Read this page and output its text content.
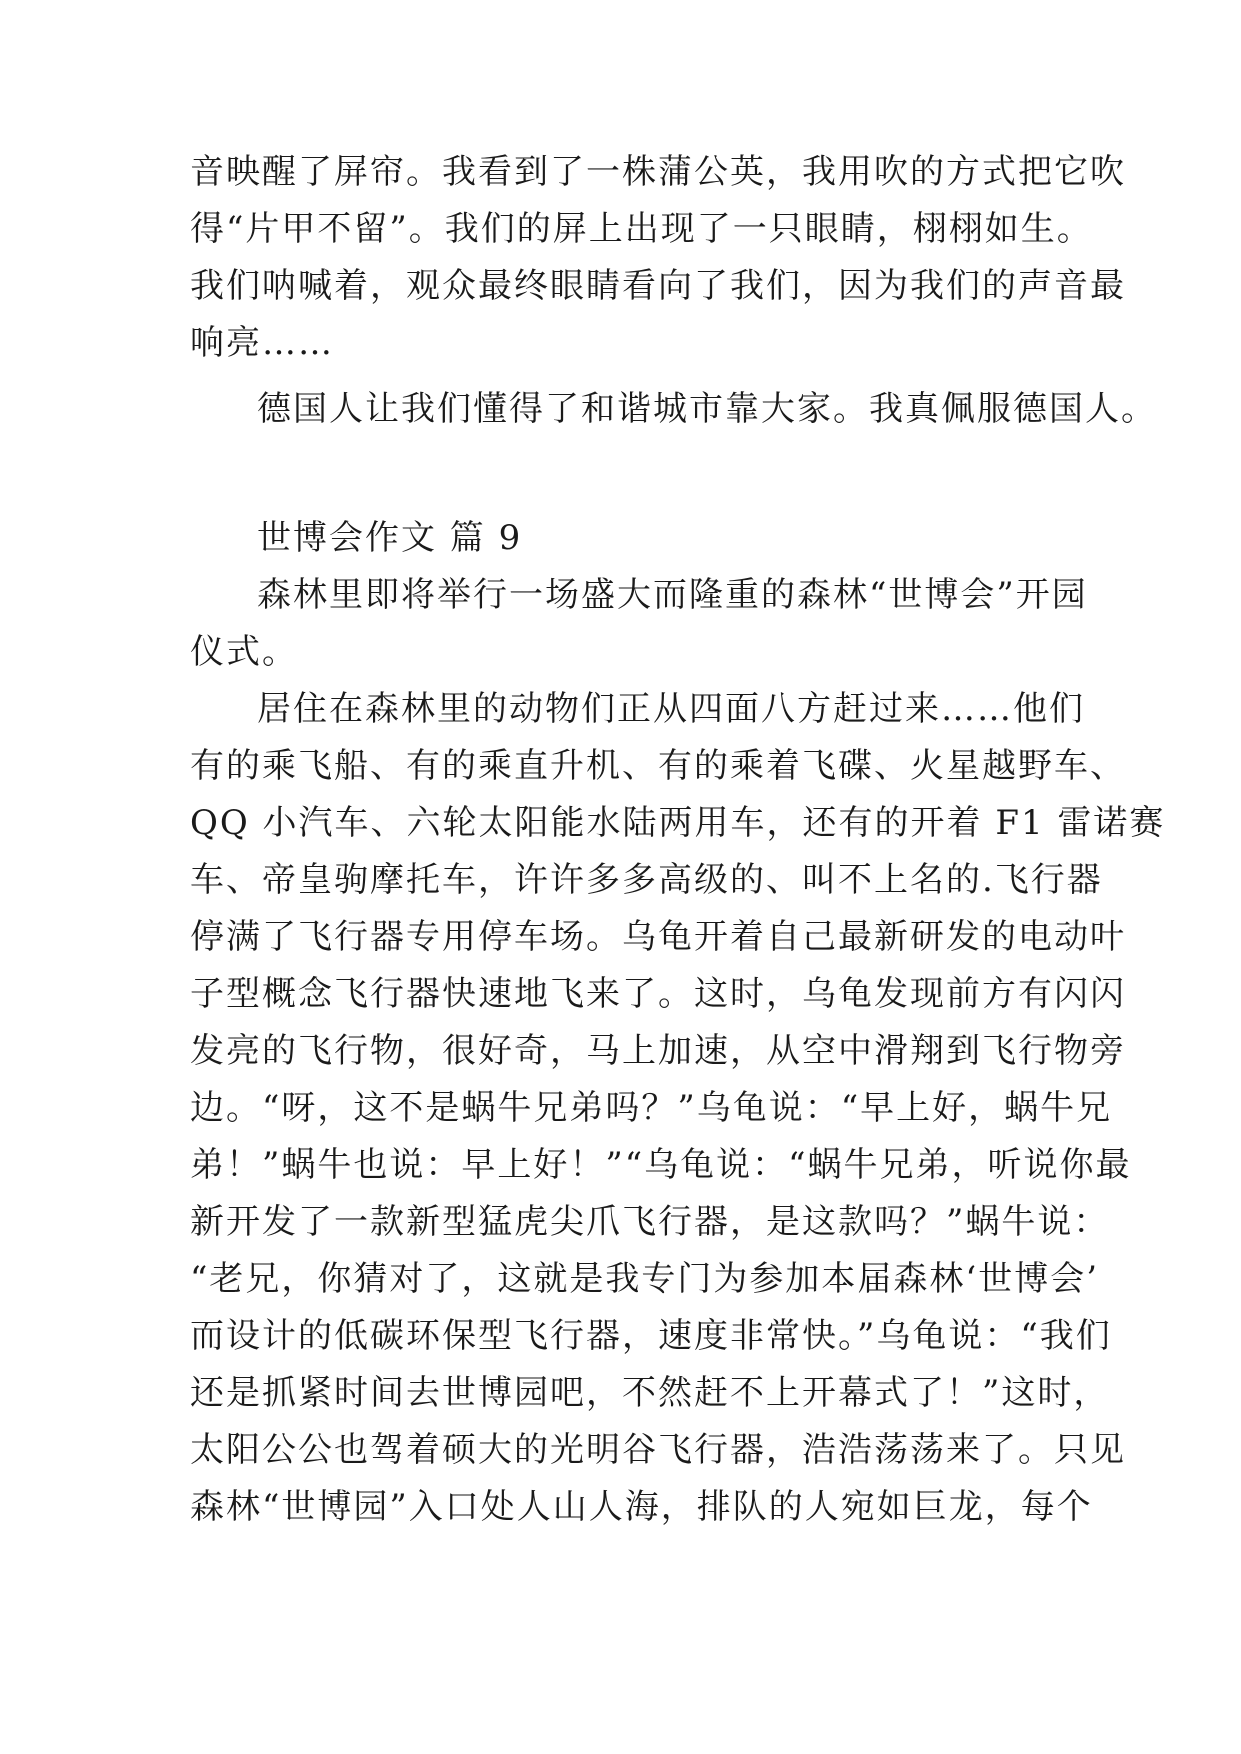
音映醒了屏帘。我看到了一株蒲公英，我用吹的方式把它吹
得“片甲不留”。我们的屏上出现了一只眼睛，栩栩如生。
我们呐喊着，观众最终眼睛看向了我们，因为我们的声音最
响亮……
德国人让我们懂得了和谐城市靠大家。我真佩服德国人。
世博会作文 篇 9
森林里即将举行一场盛大而隆重的森林“世博会”开园
仪式。
居住在森林里的动物们正从四面八方赶过来……他们
有的乘飞船、有的乘直升机、有的乘着飞碟、火星越野车、
QQ 小汽车、六轮太阳能水陆两用车，还有的开着 F1 雷诺赛
车、帝皇驹摩托车，许许多多高级的、叫不上名的.飞行器
停满了飞行器专用停车场。乌龟开着自己最新研发的电动叶
子型概念飞行器快速地飞来了。这时，乌龟发现前方有闪闪
发亮的飞行物，很好奇，马上加速，从空中滑翔到飞行物旁
边。“呀，这不是蜗牛兄弟吗？”乌龟说：“早上好，蜗牛兄
弟！”蜗牛也说：早上好！”“乌龟说：“蜗牛兄弟，听说你最
新开发了一款新型猛虎尖爪飞行器，是这款吗？”蜗牛说：
“老兄，你猜对了，这就是我专门为参加本届森林‘世博会’
而设计的低碳环保型飞行器，速度非常快。”乌龟说：“我们
还是抓紧时间去世博园吧，不然赶不上开幕式了！”这时，
太阳公公也驾着硕大的光明谷飞行器，浩浩荡荡来了。只见
森林“世博园”入口处人山人海，排队的人宛如巨龙，每个
